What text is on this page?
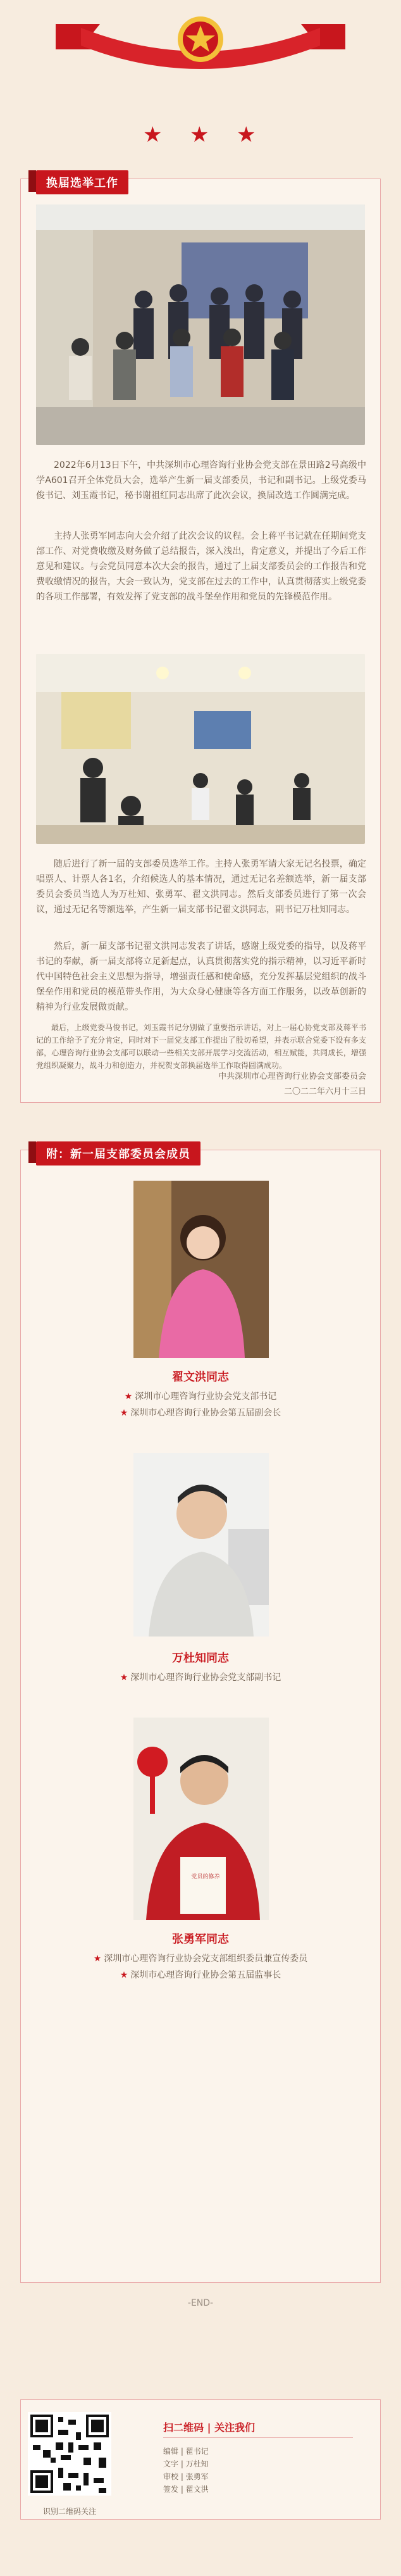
★ ★ ★
换届选举工作

2022年6月13日下午，中共深圳市心理咨询行业协会党支部在景田路2号高级中学A601召开全体党员大会，选举产生新一届支部委员，书记和副书记。上级党委马俊书记、刘玉霞书记，秘书谢祖红同志出席了此次会议，换届改选工作圆满完成。

主持人张勇军同志向大会介绍了此次会议的议程。会上蒋平书记就在任期间党支部工作、对党费收缴及财务做了总结报告，深入浅出，肯定意义，并提出了今后工作意见和建议。与会党员同意本次大会的报告，通过了上届支部委员会的工作报告和党费收缴情况的报告，大会一致认为，党支部在过去的工作中，认真贯彻落实上级党委的各项工作部署，有效发挥了党支部的战斗堡垒作用和党员的先锋模范作用。

随后进行了新一届的支部委员选举工作。主持人张勇军请大家无记名投票，确定唱票人、计票人各1名，介绍候选人的基本情况，通过无记名差额选举，新一届支部委员会委员当选人为万杜知、张勇军、翟文洪同志。然后支部委员进行了第一次会议，通过无记名等额选举，产生新一届支部书记翟文洪同志，副书记万杜知同志。

然后，新一届支部书记翟文洪同志发表了讲话，感谢上级党委的指导，以及蒋平书记的奉献，新一届支部将立足新起点，认真贯彻落实党的指示精神，以习近平新时代中国特色社会主义思想为指导，增强责任感和使命感，充分发挥基层党组织的战斗堡垒作用和党员的模范带头作用，为大众身心健康等各方面工作服务，以改革创新的精神为行业发展做贡献。

最后，上级党委马俊书记，刘玉霞书记分别做了重要指示讲话，对上一届心协党支部及蒋平书记的工作给予了充分肯定，同时对下一届党支部工作提出了殷切希望，并表示联合党委下设有多支部，心理咨询行业协会支部可以联动一些相关支部开展学习交流活动，相互赋能，共同成长，增强党组织凝聚力，战斗力和创造力，并祝贺支部换届选举工作取得圆满成功。

中共深圳市心理咨询行业协会支部委员会

二〇二二年六月十三日

附：新一届支部委员会成员
翟文洪同志
★ 深圳市心理咨询行业协会党支部书记
★ 深圳市心理咨询行业协会第五届副会长
万杜知同志
★ 深圳市心理咨询行业协会党支部副书记
党员的修养
张勇军同志
★ 深圳市心理咨询行业协会党支部组织委员兼宣传委员
★ 深圳市心理咨询行业协会第五届监事长
-END-
识别二维码关注
扫二维码 | 关注我们
编辑 | 翟书记
文字 | 万杜知
审校 | 张勇军
签发 | 翟文洪
